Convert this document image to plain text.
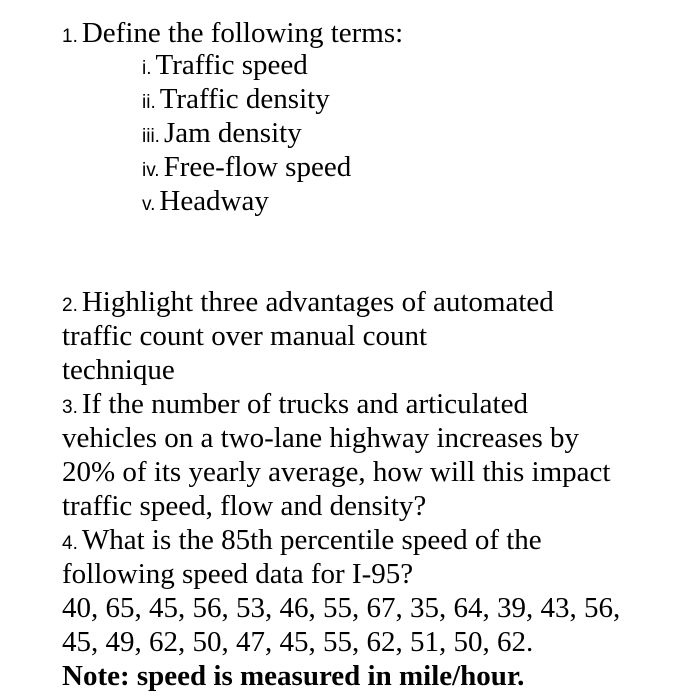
1. Define the following terms:
i. Traffic speed
ii. Traffic density
iii. Jam density
iv. Free-flow speed
v. Headway
2. Highlight three advantages of automated
traffic count over manual count
technique
3. If the number of trucks and articulated
vehicles on a two-lane highway increases by
20% of its yearly average, how will this impact
traffic speed, flow and density?
4. What is the 85th percentile speed of the
following speed data for I-95?
40, 65, 45, 56, 53, 46, 55, 67, 35, 64, 39, 43, 56,
45, 49, 62, 50, 47, 45, 55, 62, 51, 50, 62.
Note: speed is measured in mile/hour.
